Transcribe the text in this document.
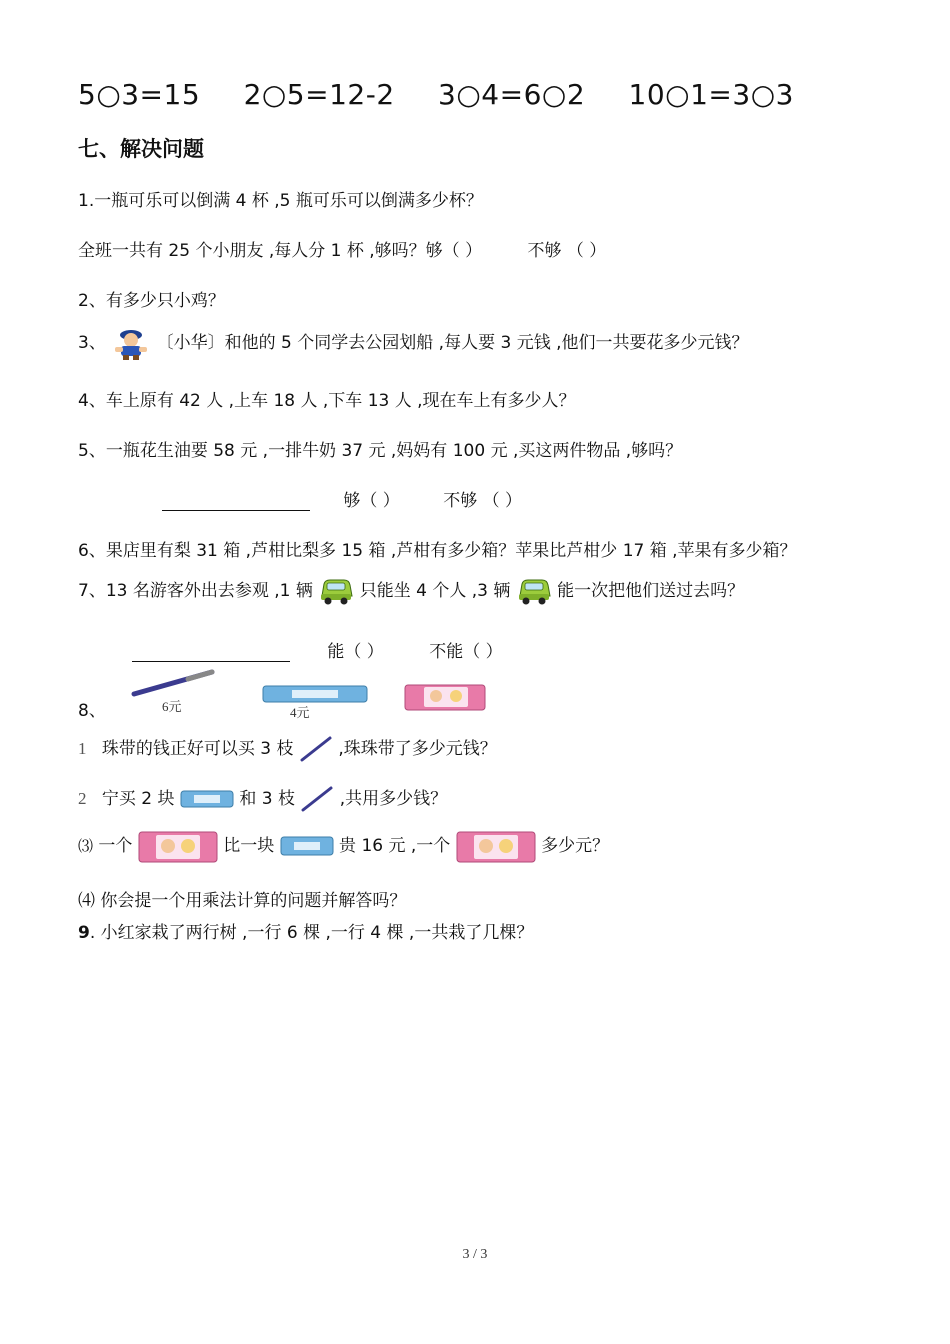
5○3=15 2○5=12-2 3○4=6○2 10○1=3○3
七、解决问题
1.一瓶可乐可以倒满 4 杯 ,5 瓶可乐可以倒满多少杯？
全班一共有 25 个小朋友 ,每人分 1 杯 ,够吗？够（ ）	不够 （ ）
2、有多少只小鸡？
3、	〔小华〕和他的 5 个同学去公园划船 ,每人要 3 元钱 ,他们一共要花多少元钱？
4、车上原有 42 人 ,上车 18 人 ,下车 13 人 ,现在车上有多少人？
5、一瓶花生油要 58 元 ,一排牛奶 37 元 ,妈妈有 100 元 ,买这两件物品 ,够吗？
够（ ）	不够 （ ）
6、果店里有梨 31 箱 ,芦柑比梨多 15 箱 ,芦柑有多少箱？苹果比芦柑少 17 箱 ,苹果有多少箱？
7、13 名游客外出去参观 ,1 辆	只能坐 4 个人 ,3 辆	能一次把他们送过去吗？
能（ ）	不能（ ）
8、	6元	4元
1 珠带的钱正好可以买 3 枝	,珠珠带了多少元钱？
2 宁买 2 块	和 3 枝	,共用多少钱？
⑶ 一个	比一块	贵 16 元 ,一个	多少元？
⑷ 你会提一个用乘法计算的问题并解答吗？
9. 小红家栽了两行树 ,一行 6 棵 ,一行 4 棵 ,一共栽了几棵？
3 / 3
